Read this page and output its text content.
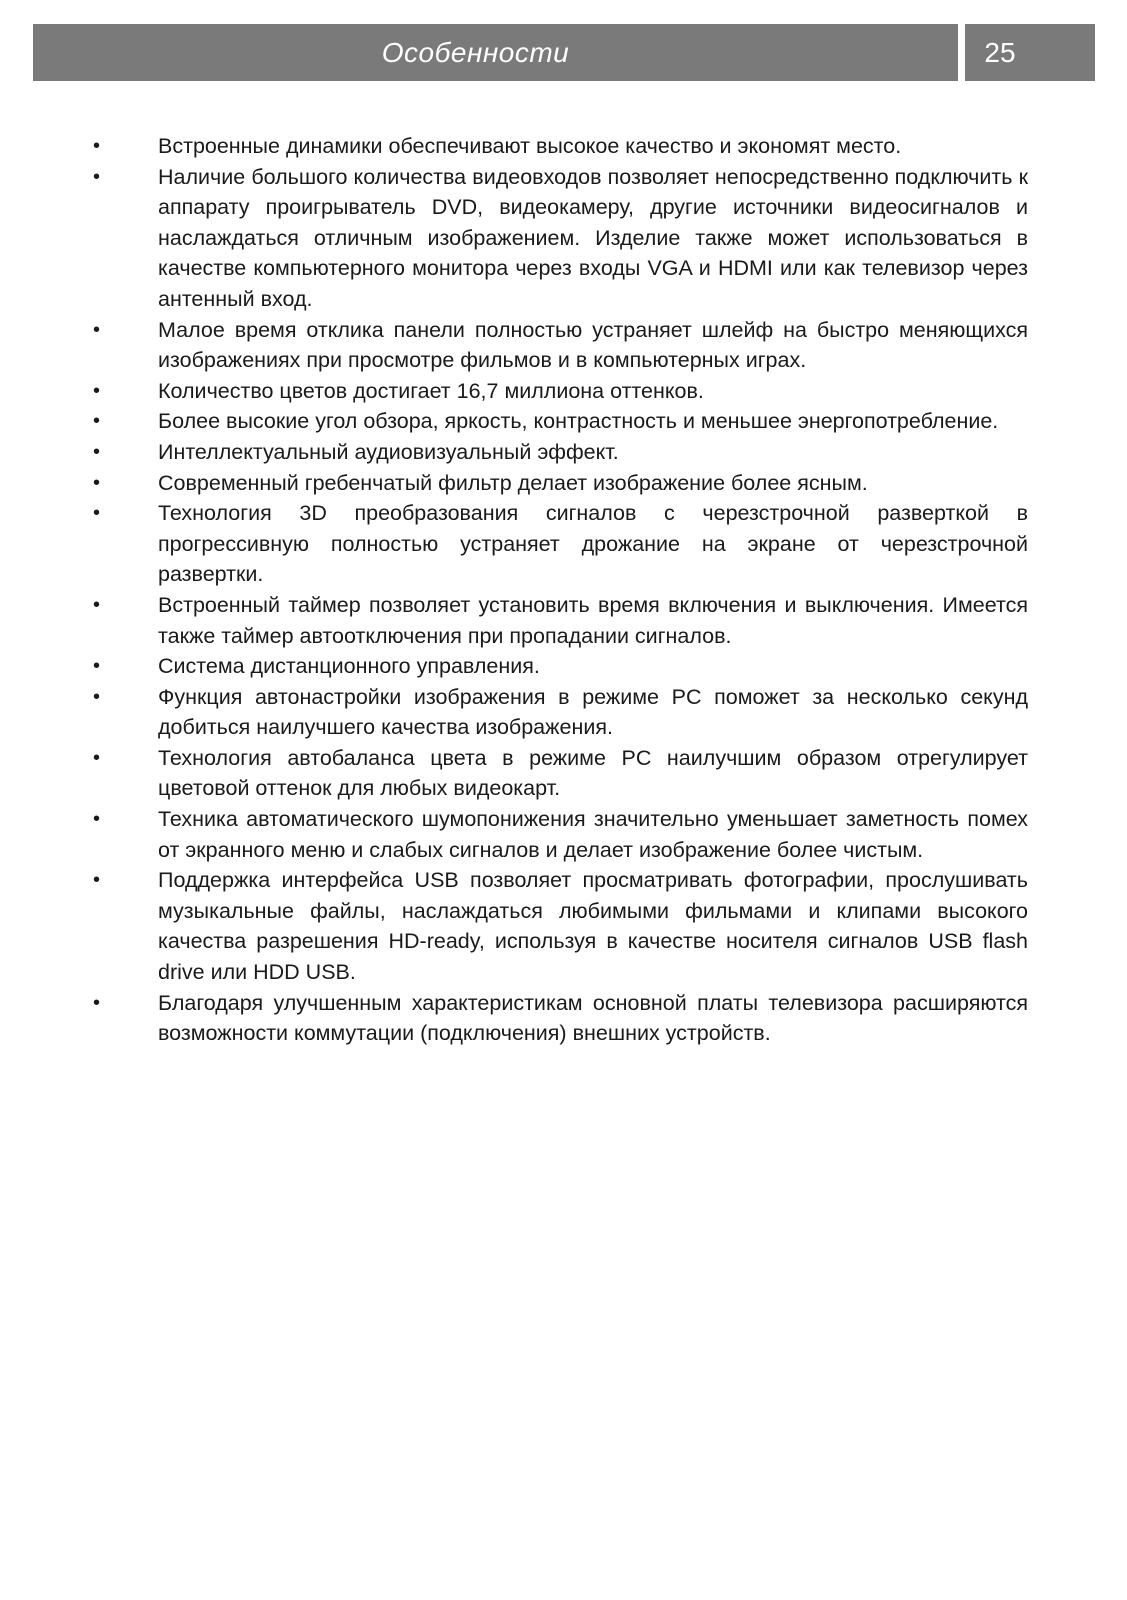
Особенности	25
•	Встроенные динамики обеспечивают высокое качество и экономят место.
•	Наличие большого количества видеовходов позволяет непосредственно подключить к аппарату проигрыватель DVD, видеокамеру, другие источники видеосигналов и наслаждаться отличным изображением. Изделие также может использоваться в качестве компьютерного монитора через входы VGA и HDMI или как телевизор через антенный вход.
•	Малое время отклика панели полностью устраняет шлейф на быстро меняющихся изображениях при просмотре фильмов и в компьютерных играх.
•	Количество цветов достигает 16,7 миллиона оттенков.
•	Более высокие угол обзора, яркость, контрастность и меньшее энергопотребление.
•	Интеллектуальный аудиовизуальный эффект.
•	Современный гребенчатый фильтр делает изображение более ясным.
•	Технология 3D преобразования сигналов с черезстрочной разверткой в прогрессивную полностью устраняет дрожание на экране от черезстрочной развертки.
•	Встроенный таймер позволяет установить время включения и выключения. Имеется также таймер автоотключения при пропадании сигналов.
•	Система дистанционного управления.
•	Функция автонастройки изображения в режиме PC поможет за несколько секунд добиться наилучшего качества изображения.
•	Технология автобаланса цвета в режиме PC наилучшим образом отрегулирует цветовой оттенок для любых видеокарт.
•	Техника автоматического шумопонижения значительно уменьшает заметность помех от экранного меню и слабых сигналов и делает изображение более чистым.
•	Поддержка интерфейса USB позволяет просматривать фотографии, прослушивать музыкальные файлы, наслаждаться любимыми фильмами и клипами высокого качества разрешения HD-ready, используя в качестве носителя сигналов USB flash drive или HDD USB.
•	Благодаря улучшенным характеристикам основной платы телевизора расширяются возможности коммутации (подключения) внешних устройств.
